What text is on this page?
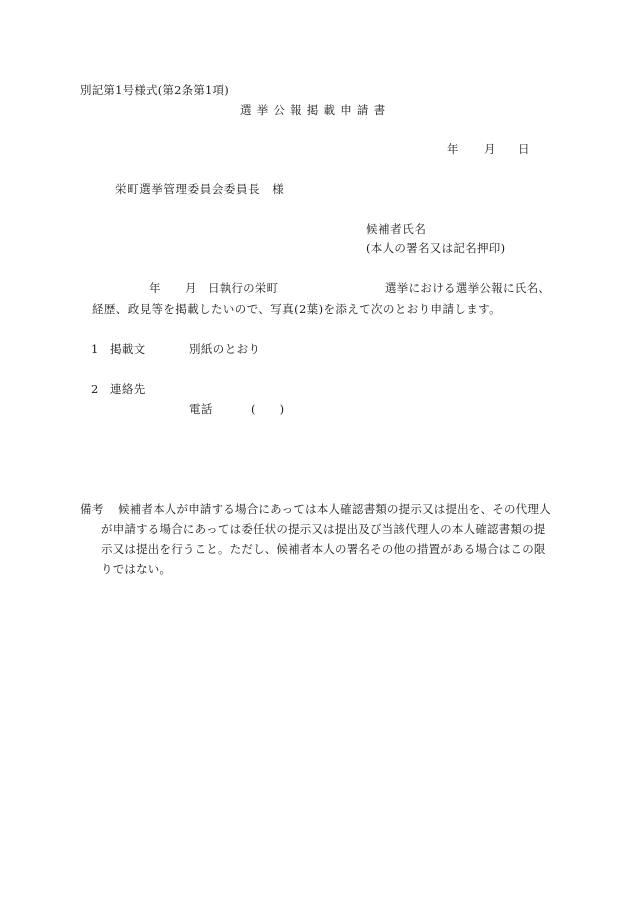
別記第1号様式(第2条第1項)
選挙公報掲載申請書
年 月 日
栄町選挙管理委員会委員長　様
候補者氏名
(本人の署名又は記名押印)
年 月 日執行の栄町	選挙における選挙公報に氏名、
経歴、政見等を掲載したいので、写真(2葉)を添えて次のとおり申請します。
1 掲載文	別紙のとおり
2 連絡先
電話	(　　)
備考 候補者本人が申請する場合にあっては本人確認書類の提示又は提出を、その代理人
が申請する場合にあっては委任状の提示又は提出及び当該代理人の本人確認書類の提
示又は提出を行うこと。ただし、候補者本人の署名その他の措置がある場合はこの限
りではない。
